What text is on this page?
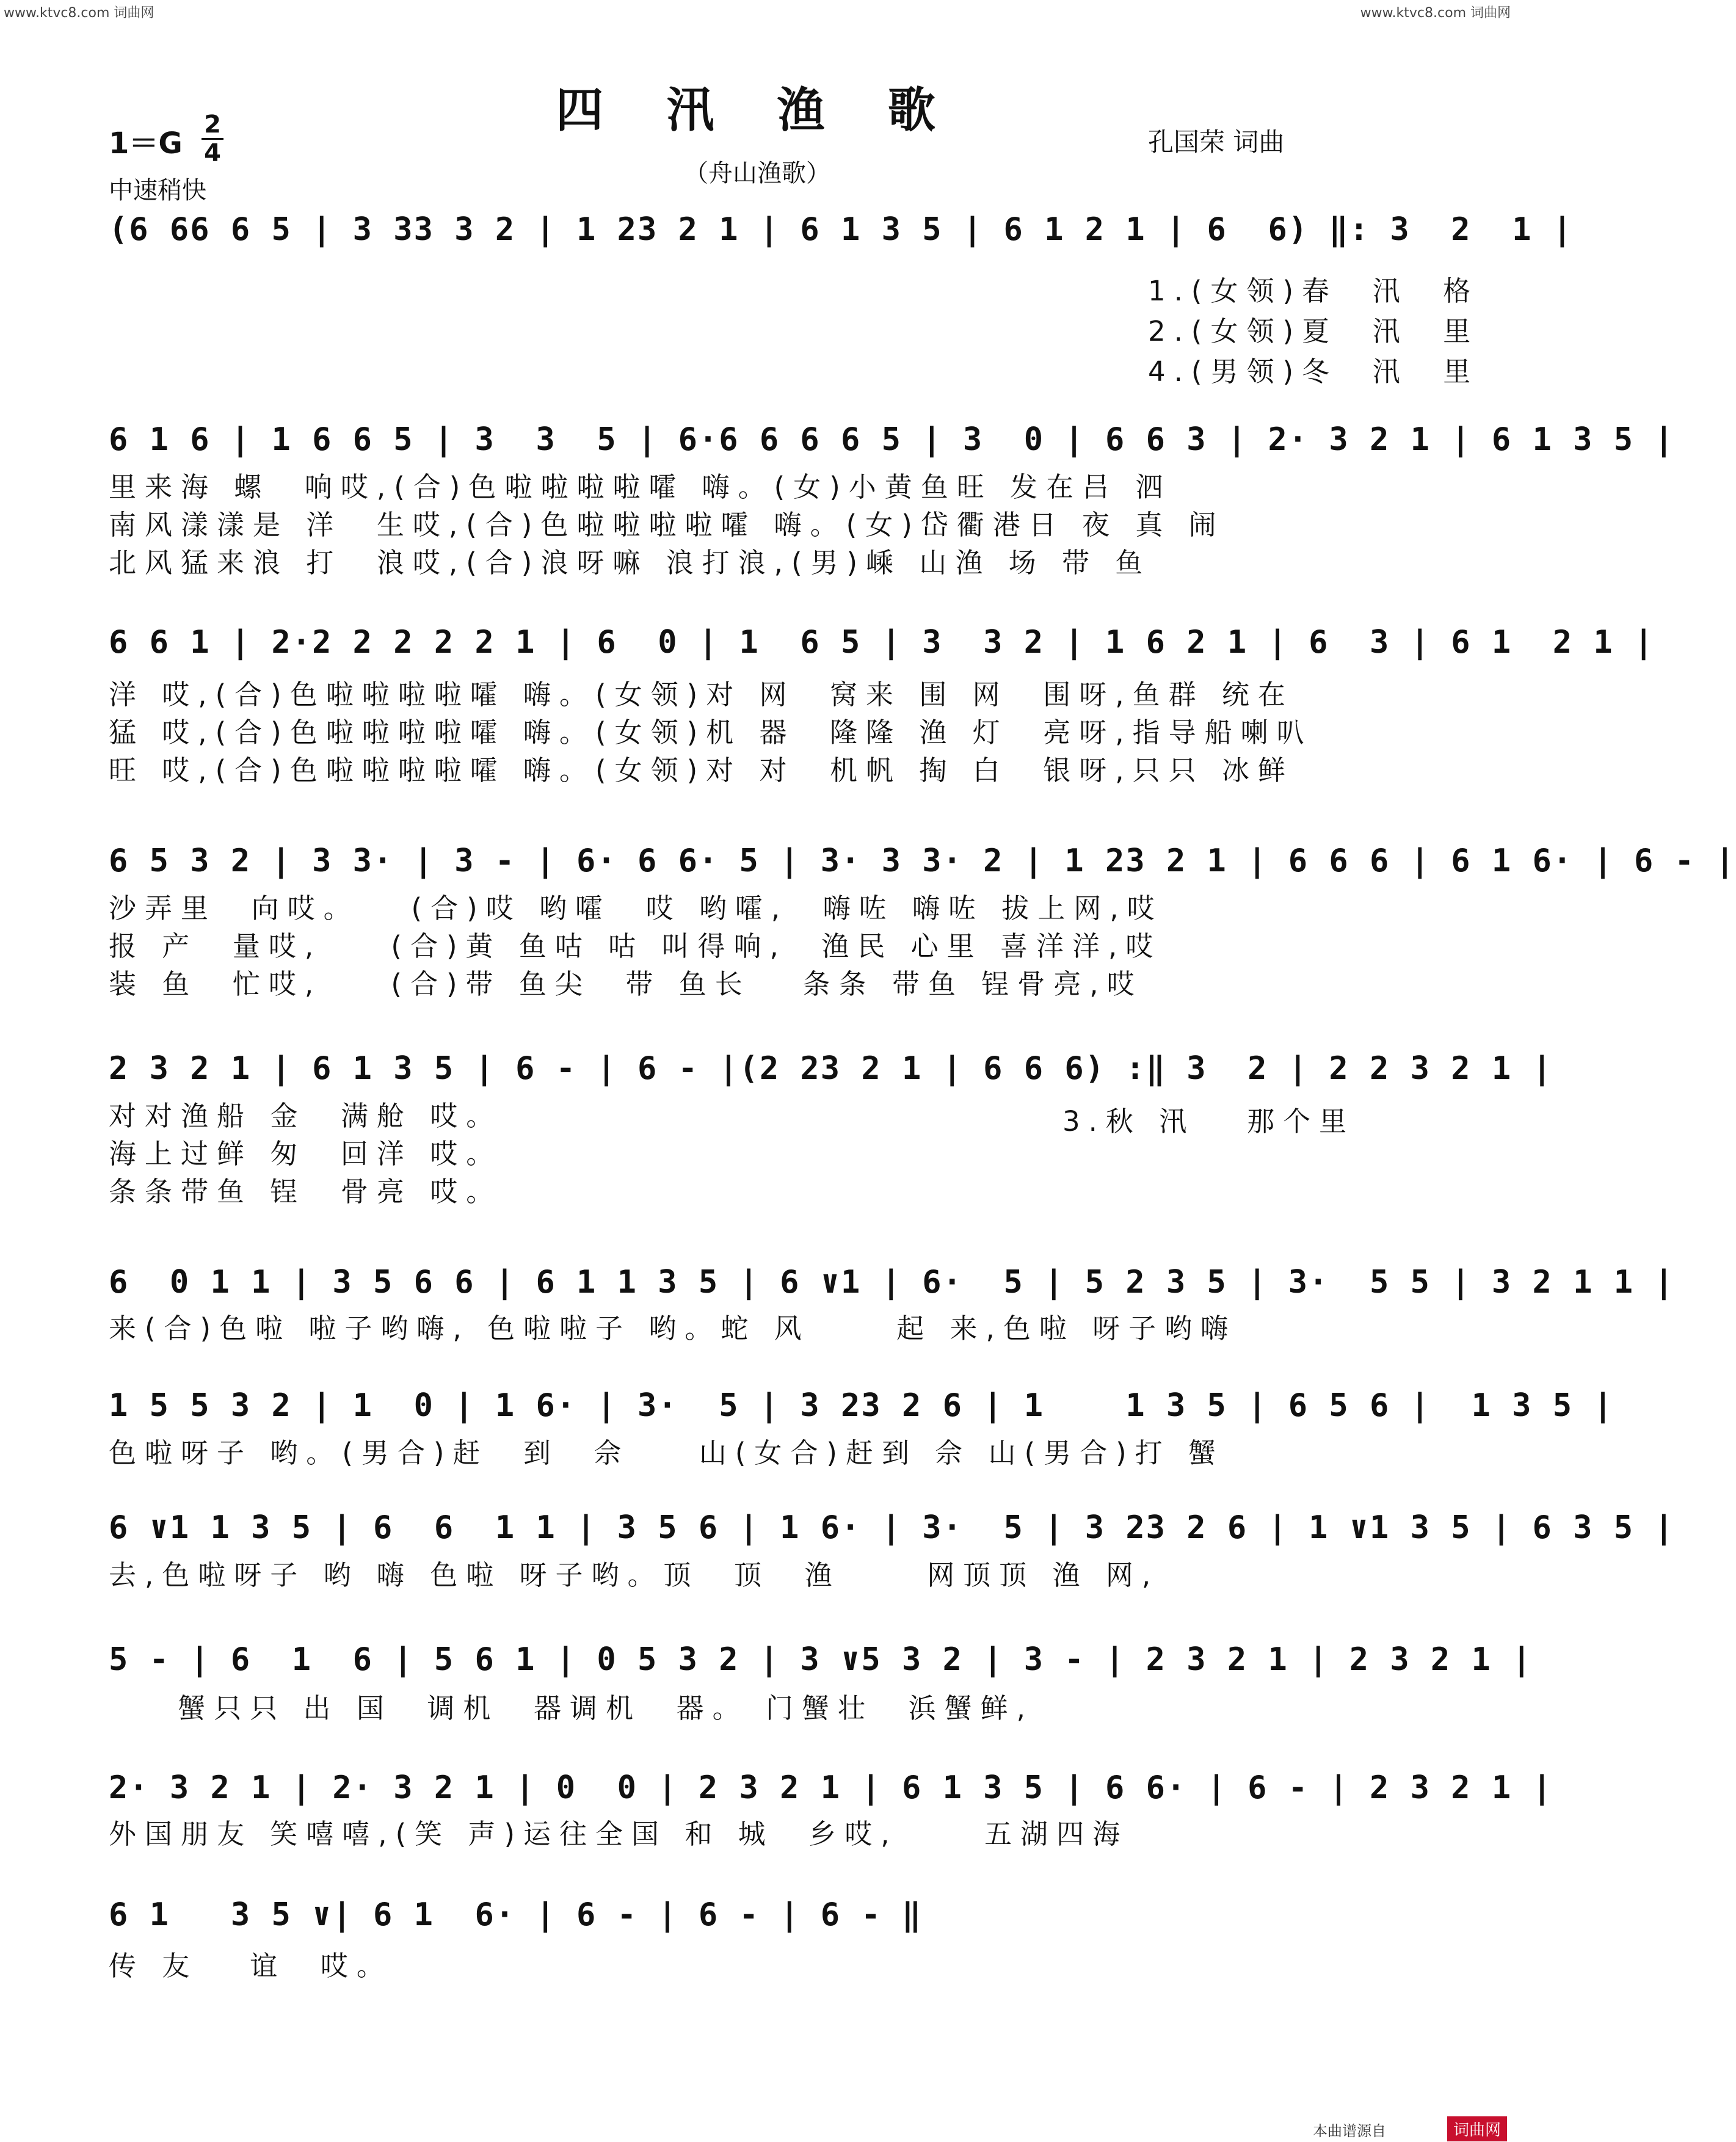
www.ktvc8.com 词曲网	www.ktvc8.com 词曲网
四 汛 渔 歌
（舟山渔歌）
1＝G
2
4
中速稍快
孔国荣 词曲
(6 66 6 5 | 3 33 3 2 | 1 23 2 1 | 6 1 3 5 | 6 1 2 1 | 6  6) ‖: 3  2  1 |
1.(女领)春  汛  格
2.(女领)夏  汛  里
4.(男领)冬  汛  里
6 1 6 | 1 6 6 5 | 3  3  5 | 6·6 6 6 6 5 | 3  0 | 6 6 3 | 2· 3 2 1 | 6 1 3 5 |
里来海 螺  响哎,(合)色啦啦啦啦嚯 嗨。(女)小黄鱼旺 发在吕 泗
南风漾漾是 洋  生哎,(合)色啦啦啦啦嚯 嗨。(女)岱衢港日 夜 真 闹
北风猛来浪 打  浪哎,(合)浪呀嘛 浪打浪,(男)嵊 山渔 场 带 鱼
6 6 1 | 2·2 2 2 2 2 1 | 6  0 | 1  6 5 | 3  3 2 | 1 6 2 1 | 6  3 | 6 1  2 1 |
洋 哎,(合)色啦啦啦啦嚯 嗨。(女领)对 网  窝来 围 网  围呀,鱼群 统在
猛 哎,(合)色啦啦啦啦嚯 嗨。(女领)机 器  隆隆 渔 灯  亮呀,指导船喇叭
旺 哎,(合)色啦啦啦啦嚯 嗨。(女领)对 对  机帆 掏 白  银呀,只只 冰鲜
6 5 3 2 | 3 3· | 3 - | 6· 6 6· 5 | 3· 3 3· 2 | 1 23 2 1 | 6 6 6 | 6 1 6· | 6 - |
沙弄里  向哎。   (合)哎 哟嚯  哎 哟嚯,  嗨咗 嗨咗 拔上网,哎
报 产  量哎,    (合)黄 鱼咕 咕 叫得响,  渔民 心里 喜洋洋,哎
装 鱼  忙哎,    (合)带 鱼尖  带 鱼长   条条 带鱼 锃骨亮,哎
2 3 2 1 | 6 1 3 5 | 6 - | 6 - |(2 23 2 1 | 6 6 6) :‖ 3  2 | 2 2 3 2 1 |
对对渔船 金  满舱 哎。
海上过鲜 匆  回洋 哎。
条条带鱼 锃  骨亮 哎。
3.秋 汛   那个里
6  0 1 1 | 3 5 6 6 | 6 1 1 3 5 | 6 ∨1 | 6·  5 | 5 2 3 5 | 3·  5 5 | 3 2 1 1 |
来(合)色啦 啦子哟嗨, 色啦啦子 哟。蛇 风     起 来,色啦 呀子哟嗨
1 5 5 3 2 | 1  0 | 1 6· | 3·  5 | 3 23 2 6 | 1    1 3 5 | 6 5 6 |  1 3 5 |
色啦呀子 哟。(男合)赶  到  佘    山(女合)赶到 佘 山(男合)打 蟹
6 ∨1 1 3 5 | 6  6  1 1 | 3 5 6 | 1 6· | 3·  5 | 3 23 2 6 | 1 ∨1 3 5 | 6 3 5 |
去,色啦呀子 哟 嗨 色啦 呀子哟。顶  顶  渔     网顶顶 渔 网,
5 - | 6  1  6 | 5 6 1 | 0 5 3 2 | 3 ∨5 3 2 | 3 - | 2 3 2 1 | 2 3 2 1 |
蟹只只 出 国  调机  器调机  器。 门蟹壮  浜蟹鲜,
2· 3 2 1 | 2· 3 2 1 | 0  0 | 2 3 2 1 | 6 1 3 5 | 6 6· | 6 - | 2 3 2 1 |
外国朋友 笑嘻嘻,(笑 声)运往全国 和 城  乡哎,     五湖四海
6 1   3 5 ∨| 6 1  6· | 6 - | 6 - | 6 - ‖
传 友   谊  哎。
本曲谱源自	词曲网
